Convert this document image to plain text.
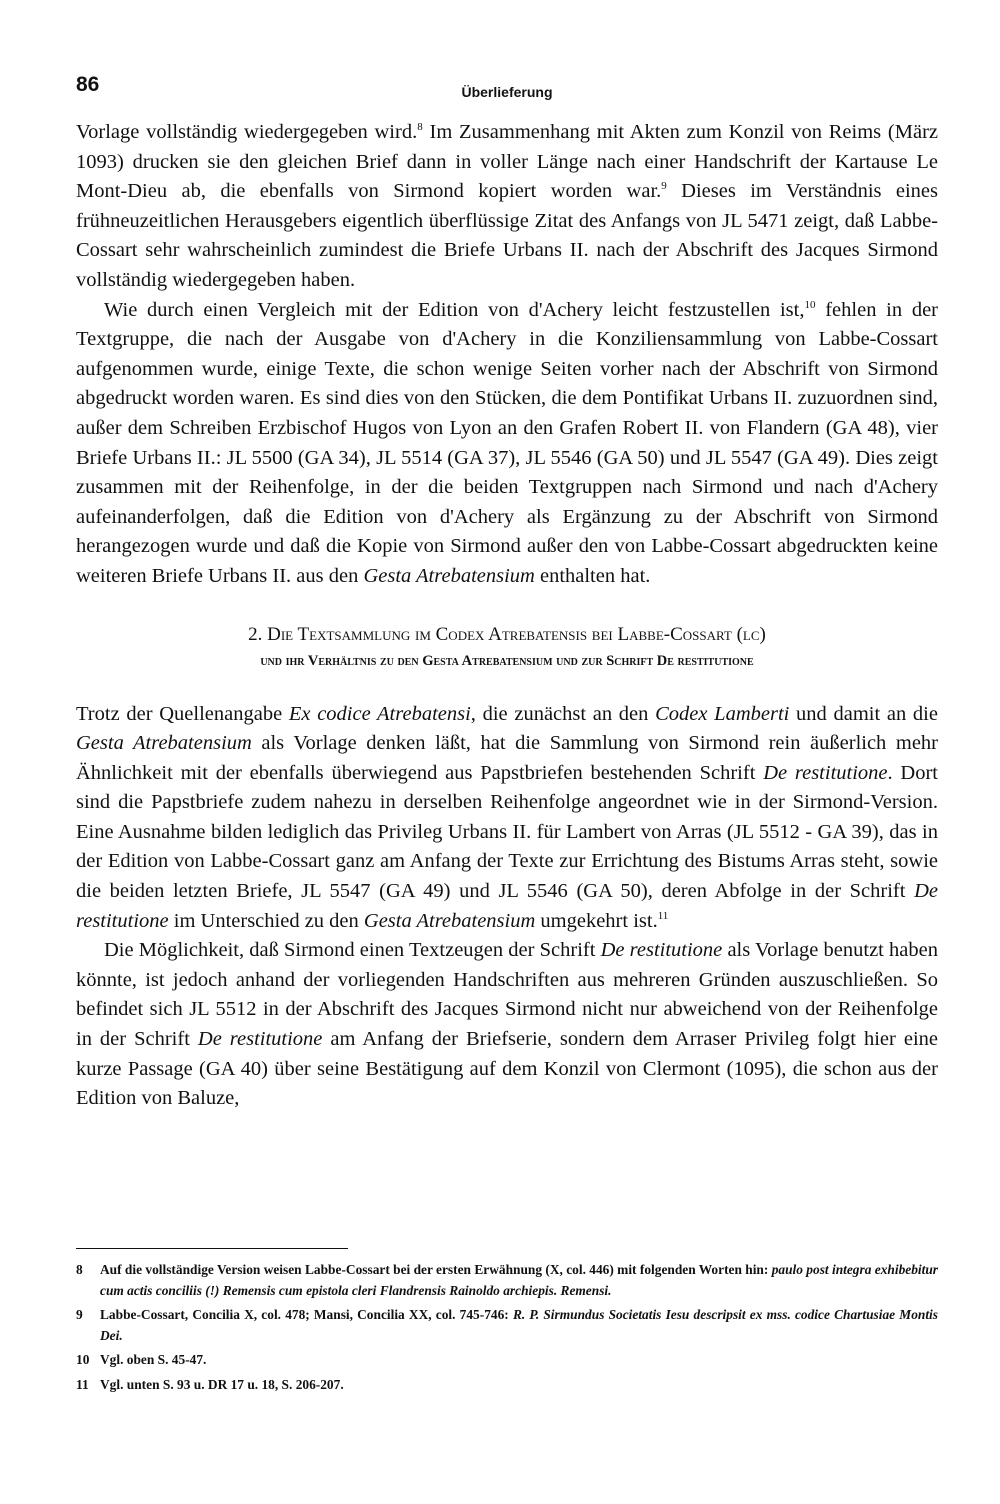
86	Überlieferung

Vorlage vollständig wiedergegeben wird.$^8$ Im Zusammenhang mit Akten zum Konzil von Reims (März 1093) drucken sie den gleichen Brief dann in voller Länge nach einer Handschrift der Kartause Le Mont-Dieu ab, die ebenfalls von Sirmond kopiert worden war.$^9$ Dieses im Verständnis eines frühneuzeitlichen Herausgebers eigentlich überflüssige Zitat des Anfangs von JL 5471 zeigt, daß Labbe-Cossart sehr wahrscheinlich zumindest die Briefe Urbans II. nach der Abschrift des Jacques Sirmond vollständig wiedergegeben haben.

Wie durch einen Vergleich mit der Edition von d'Achery leicht festzustellen ist,$^{10}$ fehlen in der Textgruppe, die nach der Ausgabe von d'Achery in die Konziliensammlung von Labbe-Cossart aufgenommen wurde, einige Texte, die schon wenige Seiten vorher nach der Abschrift von Sirmond abgedruckt worden waren. Es sind dies von den Stücken, die dem Pontifikat Urbans II. zuzuordnen sind, außer dem Schreiben Erzbischof Hugos von Lyon an den Grafen Robert II. von Flandern (GA 48), vier Briefe Urbans II.: JL 5500 (GA 34), JL 5514 (GA 37), JL 5546 (GA 50) und JL 5547 (GA 49). Dies zeigt zusammen mit der Reihenfolge, in der die beiden Textgruppen nach Sirmond und nach d'Achery aufeinanderfolgen, daß die Edition von d'Achery als Ergänzung zu der Abschrift von Sirmond herangezogen wurde und daß die Kopie von Sirmond außer den von Labbe-Cossart abgedruckten keine weiteren Briefe Urbans II. aus den Gesta Atrebatensium enthalten hat.

2. Die Textsammlung im Codex Atrebatensis bei Labbe-Cossart (lc)
und ihr Verhältnis zu den Gesta Atrebatensium und zur Schrift De restitutione

Trotz der Quellenangabe Ex codice Atrebatensi, die zunächst an den Codex Lamberti und damit an die Gesta Atrebatensium als Vorlage denken läßt, hat die Sammlung von Sirmond rein äußerlich mehr Ähnlichkeit mit der ebenfalls überwiegend aus Papstbriefen bestehenden Schrift De restitutione. Dort sind die Papstbriefe zudem nahezu in derselben Reihenfolge angeordnet wie in der Sirmond-Version. Eine Ausnahme bilden lediglich das Privileg Urbans II. für Lambert von Arras (JL 5512 - GA 39), das in der Edition von Labbe-Cossart ganz am Anfang der Texte zur Errichtung des Bistums Arras steht, sowie die beiden letzten Briefe, JL 5547 (GA 49) und JL 5546 (GA 50), deren Abfolge in der Schrift De restitutione im Unterschied zu den Gesta Atrebatensium umgekehrt ist.$^{11}$

Die Möglichkeit, daß Sirmond einen Textzeugen der Schrift De restitutione als Vorlage benutzt haben könnte, ist jedoch anhand der vorliegenden Handschriften aus mehreren Gründen auszuschließen. So befindet sich JL 5512 in der Abschrift des Jacques Sirmond nicht nur abweichend von der Reihenfolge in der Schrift De restitutione am Anfang der Briefserie, sondern dem Arraser Privileg folgt hier eine kurze Passage (GA 40) über seine Bestätigung auf dem Konzil von Clermont (1095), die schon aus der Edition von Baluze,

8	Auf die vollständige Version weisen Labbe-Cossart bei der ersten Erwähnung (X, col. 446) mit folgenden Worten hin: paulo post integra exhibebitur cum actis conciliis (!) Remensis cum epistola cleri Flandrensis Rainoldo archiepis. Remensi.
9	Labbe-Cossart, Concilia X, col. 478; Mansi, Concilia XX, col. 745-746: R. P. Sirmundus Societatis Iesu descripsit ex mss. codice Chartusiae Montis Dei.
10 Vgl. oben S. 45-47.
11 Vgl. unten S. 93 u. DR 17 u. 18, S. 206-207.
